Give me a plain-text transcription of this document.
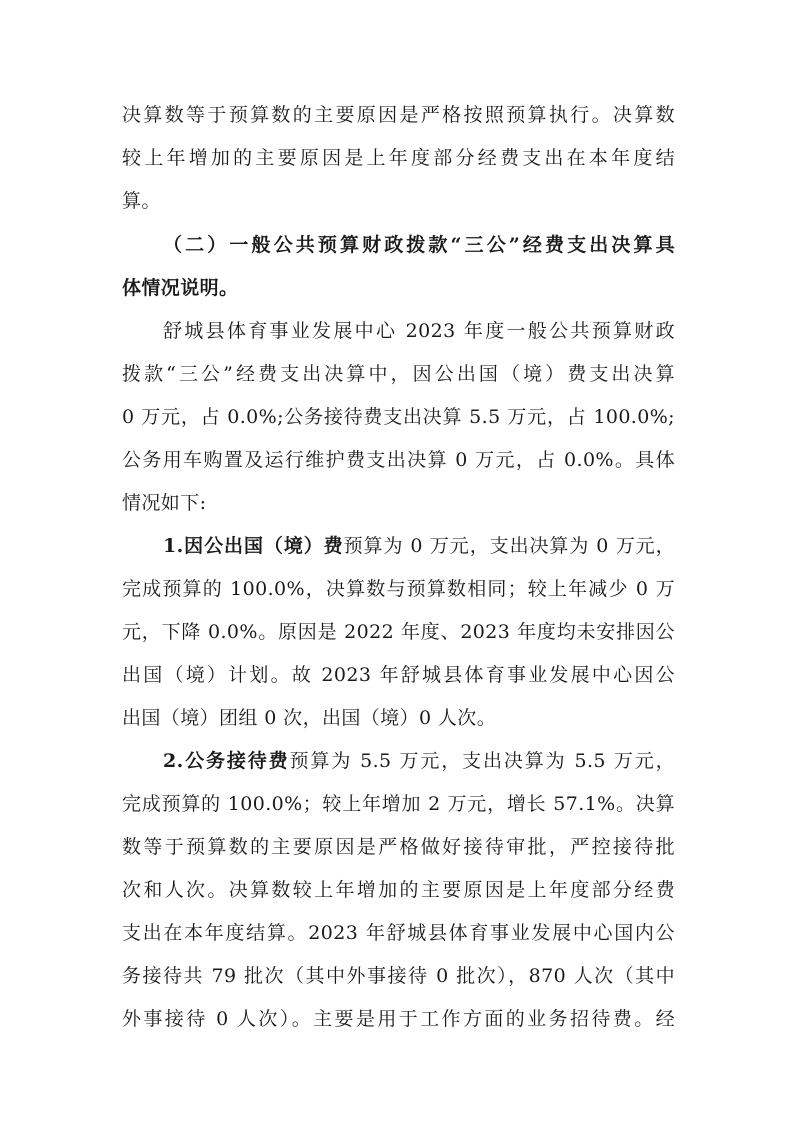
决算数等于预算数的主要原因是严格按照预算执行。决算数
较上年增加的主要原因是上年度部分经费支出在本年度结
算。
（二）一般公共预算财政拨款“三公”经费支出决算具
体情况说明。
舒城县体育事业发展中心 2023 年度一般公共预算财政
拨款“三公”经费支出决算中，因公出国（境）费支出决算
0 万元，占 0.0%;公务接待费支出决算 5.5 万元，占 100.0%;
公务用车购置及运行维护费支出决算 0 万元，占 0.0%。具体
情况如下:
1.因公出国（境）费预算为 0 万元，支出决算为 0 万元，
完成预算的 100.0%，决算数与预算数相同；较上年减少 0 万
元，下降 0.0%。原因是 2022 年度、2023 年度均未安排因公
出国（境）计划。故 2023 年舒城县体育事业发展中心因公
出国（境）团组 0 次，出国（境）0 人次。
2.公务接待费预算为 5.5 万元，支出决算为 5.5 万元，
完成预算的 100.0%；较上年增加 2 万元，增长 57.1%。决算
数等于预算数的主要原因是严格做好接待审批，严控接待批
次和人次。决算数较上年增加的主要原因是上年度部分经费
支出在本年度结算。2023 年舒城县体育事业发展中心国内公
务接待共 79 批次（其中外事接待 0 批次），870 人次（其中
外事接待 0 人次）。主要是用于工作方面的业务招待费。经
